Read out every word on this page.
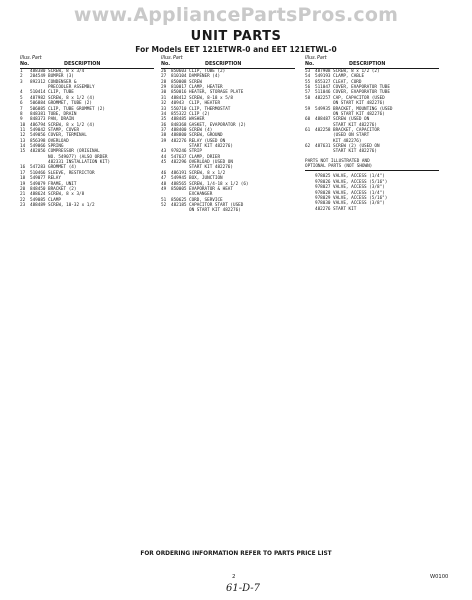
www.AppliancePartsPros.com
UNIT PARTS
For Models EET 121ETWR-0 and EET 121ETWL-0
Illus. Part
No.	DESCRIPTION
1	488380 SCREW, 8 x 3/4
2	204549 BUMPER (3)
3	892312 CONDENSER &
PRECOOLER ASSEMBLY
4	510414 CLIP, TUBE
5	487982 SCREW, 8 x 1/2 (4)
6	506884 GROMMET, TUBE (2)
7	506885 CLIP, TUBE GROMMET (2)
8	848381 TUBE, DRAIN
9	848373 PAN, DRAIN
10	486794 SCREW, 8 x 1/2 (4)
11	549042 STAMP, COVER
12	549056 COVER, TERMINAL
13	856398 OVERLOAD
14	549066 SPRING
15	482056 COMPRESSOR (ORIGINAL
NO. 549077) (ALSO ORDER
482331 INSTALLATION KIT)
16	547283 GROMMET (4)
17	510466 SLEEVE, RESTRICTOR
18	549077 RELAY
19	549079 FRAME, UNIT
20	848450 BRACKET (2)
21	488624 SCREW, 8 x 3/8
22	549085 CLAMP
23	488489 SCREW, 10-32 x 1/2
Illus. Part
No.	DESCRIPTION
26	850603 CLIP, TUBE (2)
27	810104 DAMPENER (4)
28	850008 SCREW
29	810017 CLAMP, HEATER
30	850016 HEATER, STORAGE PLATE
31	488412 SCREW, 8-18 x 5/8
32	40943	CLIP, HEATER
33	550710 CLIP, THERMOSTAT
34	855322 CLIP (2)
35	488485 WASHER
36	848368 GASKET, EVAPORATOR (2)
37	488400 SCREW (4)
38	488800 SCREW, GROUND
39	482276 RELAY (USED ON
START KIT 482276)
43	978246 STRIP
44	547637 CLAMP, DRIER
45	482296 OVERLOAD (USED ON
START KIT 482276)
46	486191 SCREW, 8 x 1/2
47	549945 BOX, JUNCTION
48	488565 SCREW, 1/4-18 x 1/2 (6)
49	850005 EVAPORATOR & HEAT
EXCHANGER
51	850625 CORD, SERVICE
52	482185 CAPACITOR START (USED
ON START KIT 482276)
Illus. Part
No.	DESCRIPTION
53	487908 SCREW, 8 x 1/2 (2)
54	549193 CLAMP, CABLE
55	855327 CLEAT, CORD
56	511047 COVER, EVAPORATOR TUBE
57	511046 COVER, EVAPORATOR TUBE
58	482257 CAP, CAPACITOR (USED
ON START KIT 482276)
59	549935 BRACKET, MOUNTING (USED
ON START KIT 482276)
60	488487 SCREW (USED ON
START KIT 482276)
61	482258 BRACKET, CAPACITOR
(USED ON START
KIT 482276)
62	487631 SCREW (2) (USED ON
START KIT 482276)
PARTS NOT ILLUSTRATED AND
OPTIONAL PARTS (NOT SHOWN)
978025 VALVE, ACCESS (1/4")
978026 VALVE, ACCESS (5/16")
978027 VALVE, ACCESS (3/8")
978028 VALVE, ACCESS (1/4")
978029 VALVE, ACCESS (5/16")
978030 VALVE, ACCESS (3/8")
482276 START KIT
FOR ORDERING INFORMATION REFER TO PARTS PRICE LIST
2	W0100
61-D-7
